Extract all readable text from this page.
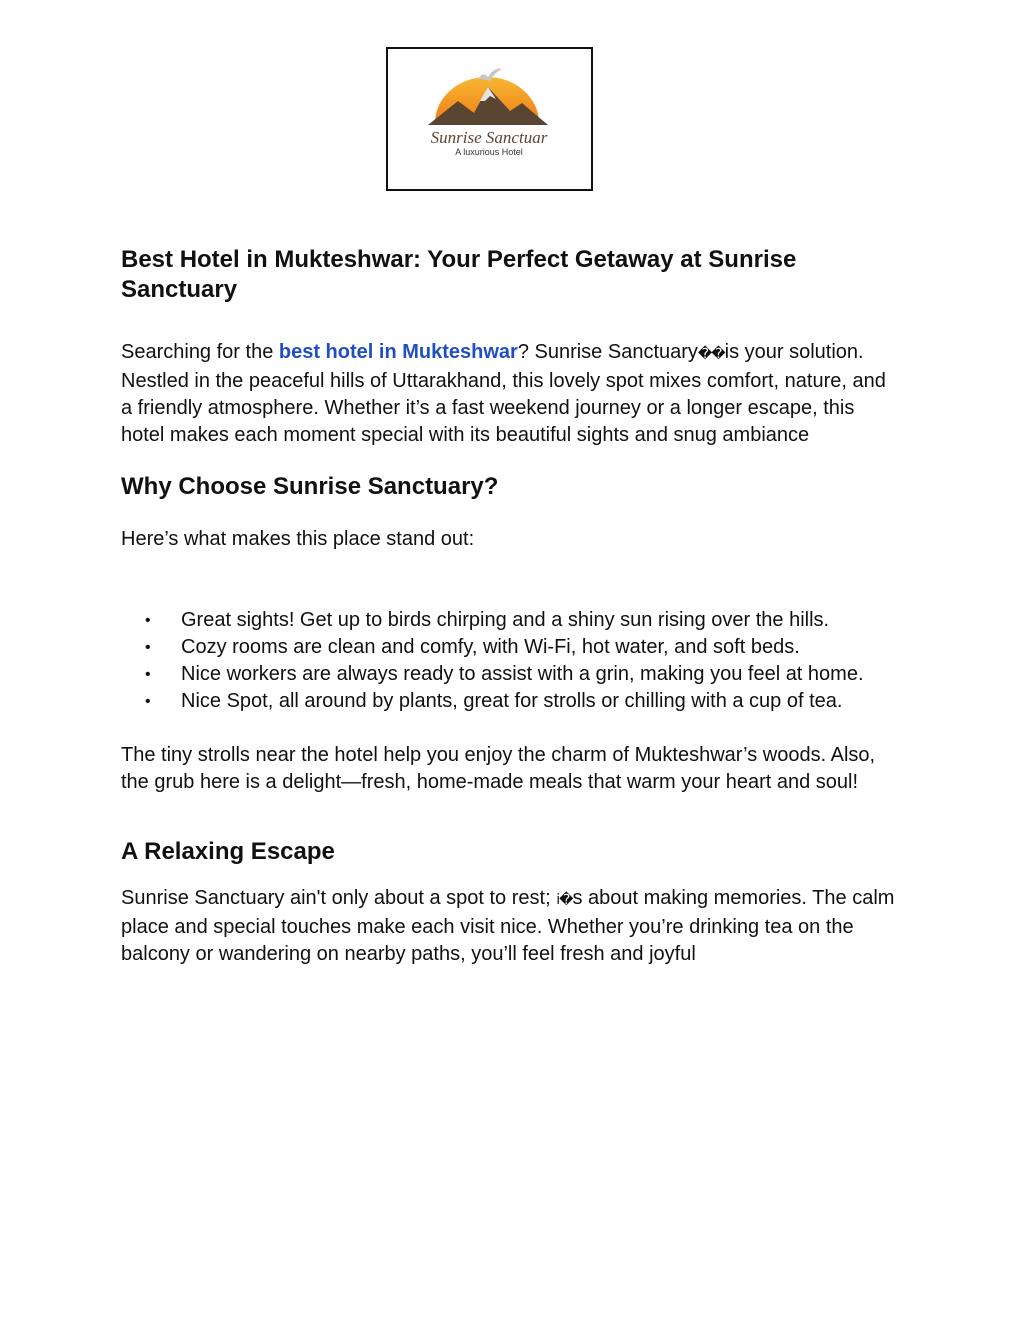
Sunrise Sanctuar
A luxurious Hotel
Best Hotel in Mukteshwar: Your Perfect Getaway at Sunrise Sanctuary

Searching for the best hotel in Mukteshwar? Sunrise Sanctuary��is your solution. Nestled in the peaceful hills of Uttarakhand, this lovely spot mixes comfort, nature, and a friendly atmosphere. Whether it’s a fast weekend journey or a longer escape, this hotel makes each moment special with its beautiful sights and snug ambiance

Why Choose Sunrise Sanctuary?

Here’s what makes this place stand out:

• Great sights! Get up to birds chirping and a shiny sun rising over the hills.
• Cozy rooms are clean and comfy, with Wi-Fi, hot water, and soft beds.
• Nice workers are always ready to assist with a grin, making you feel at home.
• Nice Spot, all around by plants, great for strolls or chilling with a cup of tea.

The tiny strolls near the hotel help you enjoy the charm of Mukteshwar’s woods. Also, the grub here is a delight—fresh, home-made meals that warm your heart and soul!

A Relaxing Escape

Sunrise Sanctuary ain't only about a spot to rest; i�s about making memories. The calm place and special touches make each visit nice. Whether you’re drinking tea on the balcony or wandering on nearby paths, you’ll feel fresh and joyful
